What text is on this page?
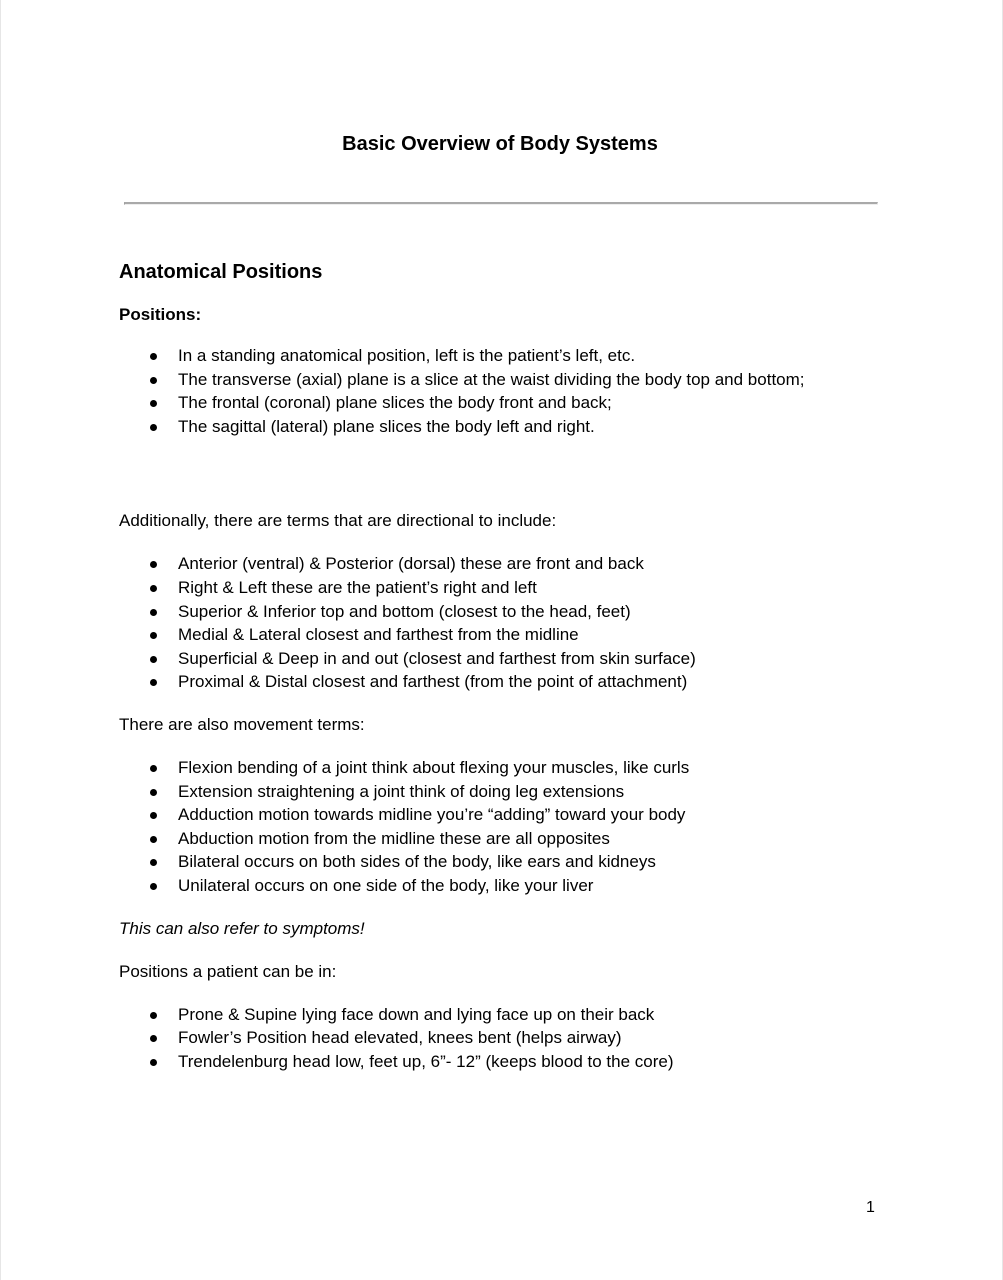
Basic Overview of Body Systems
Anatomical Positions
Positions:
In a standing anatomical position, left is the patient’s left, etc.
The transverse (axial) plane is a slice at the waist dividing the body top and bottom;
The frontal (coronal) plane slices the body front and back;
The sagittal (lateral) plane slices the body left and right.

Additionally, there are terms that are directional to include:

Anterior (ventral) & Posterior (dorsal) these are front and back
Right & Left these are the patient’s right and left
Superior & Inferior top and bottom (closest to the head, feet)
Medial & Lateral closest and farthest from the midline
Superficial & Deep in and out (closest and farthest from skin surface)
Proximal & Distal closest and farthest (from the point of attachment)

There are also movement terms:

Flexion bending of a joint think about flexing your muscles, like curls
Extension straightening a joint think of doing leg extensions
Adduction motion towards midline you’re “adding” toward your body
Abduction motion from the midline these are all opposites
Bilateral occurs on both sides of the body, like ears and kidneys
Unilateral occurs on one side of the body, like your liver

This can also refer to symptoms!

Positions a patient can be in:

Prone & Supine lying face down and lying face up on their back
Fowler’s Position head elevated, knees bent (helps airway)
Trendelenburg head low, feet up, 6”- 12” (keeps blood to the core)
1
